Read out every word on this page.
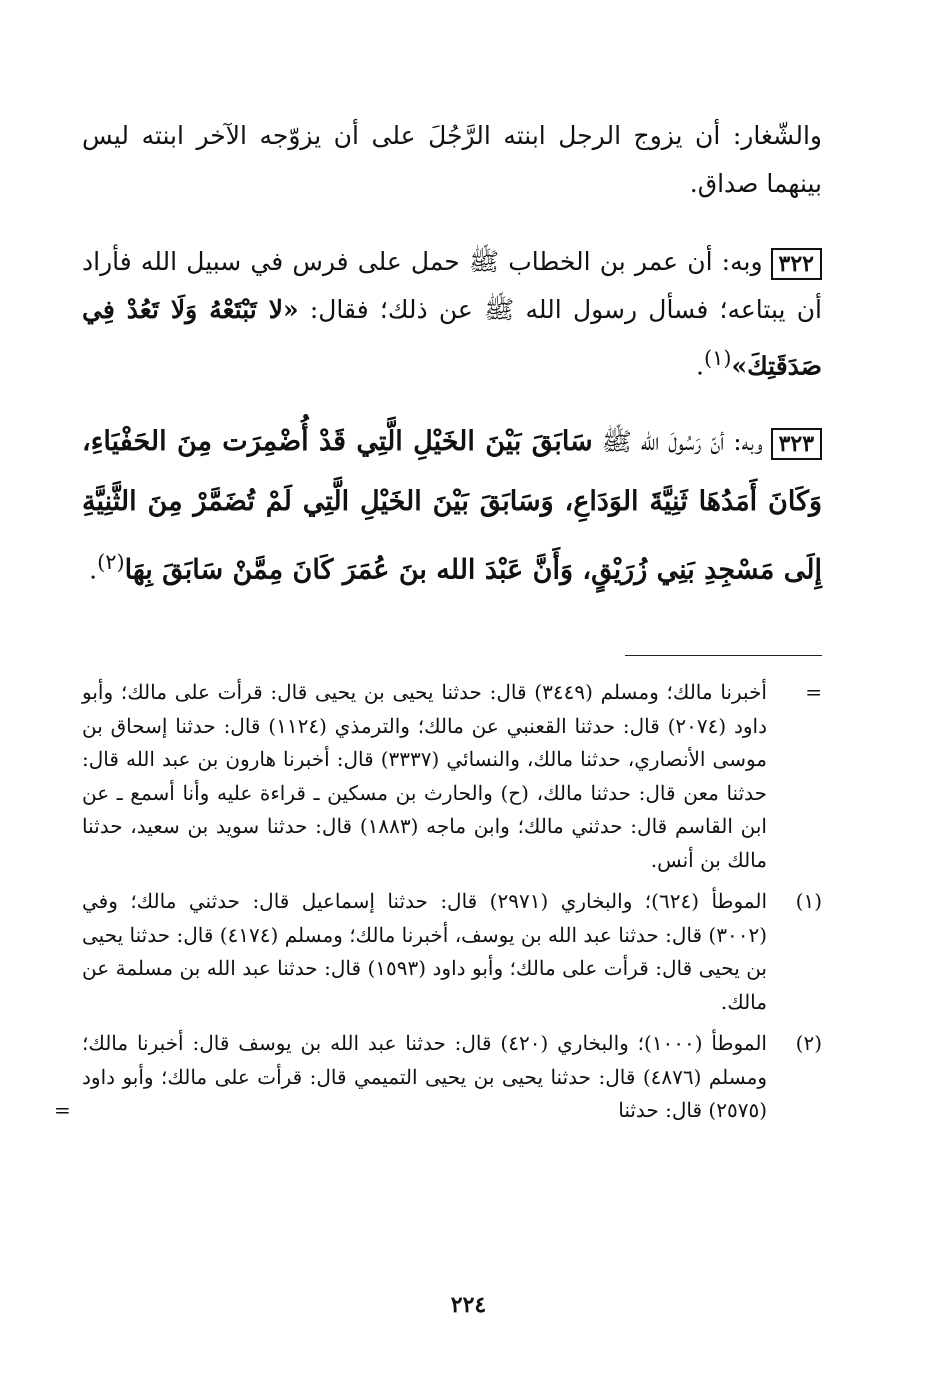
والشّغار: أن يزوج الرجل ابنته الرَّجُلَ على أن يزوّجه الآخر ابنته ليس بينهما صداق.

٣٢٢وبه: أن عمر بن الخطاب ﷺ حمل على فرس في سبيل الله فأراد أن يبتاعه؛ فسأل رسول الله ﷺ عن ذلك؛ فقال: «لا تَبْتَعْهُ وَلَا تَعُدْ فِي صَدَقَتِكَ»$^{(١)}$.

٣٢٣وبه: أنّ رَسُولَ الله ﷺ سَابَقَ بَيْنَ الخَيْلِ الَّتِي قَدْ أُضْمِرَت مِنَ الحَفْيَاءِ، وَكَانَ أَمَدُهَا ثَنِيَّةَ الوَدَاعِ، وَسَابَقَ بَيْنَ الخَيْلِ الَّتِي لَمْ تُضَمَّرْ مِنَ الثَّنِيَّةِ إِلَى مَسْجِدِ بَنِي زُرَيْقٍ، وَأَنَّ عَبْدَ الله بنَ عُمَرَ كَانَ مِمَّنْ سَابَقَ بِهَا$^{(٢)}$.

=
أخبرنا مالك؛ ومسلم (٣٤٤٩) قال: حدثنا يحيى بن يحيى قال: قرأت على مالك؛ وأبو داود (٢٠٧٤) قال: حدثنا القعنبي عن مالك؛ والترمذي (١١٢٤) قال: حدثنا إسحاق بن موسى الأنصاري، حدثنا مالك، والنسائي (٣٣٣٧) قال: أخبرنا هارون بن عبد الله قال: حدثنا معن قال: حدثنا مالك، (ح) والحارث بن مسكين ـ قراءة عليه وأنا أسمع ـ عن ابن القاسم قال: حدثني مالك؛ وابن ماجه (١٨٨٣) قال: حدثنا سويد بن سعيد، حدثنا مالك بن أنس.

(١)
الموطأ (٦٢٤)؛ والبخاري (٢٩٧١) قال: حدثنا إسماعيل قال: حدثني مالك؛ وفي (٣٠٠٢) قال: حدثنا عبد الله بن يوسف، أخبرنا مالك؛ ومسلم (٤١٧٤) قال: حدثنا يحيى بن يحيى قال: قرأت على مالك؛ وأبو داود (١٥٩٣) قال: حدثنا عبد الله بن مسلمة عن مالك.

(٢)
الموطأ (١٠٠٠)؛ والبخاري (٤٢٠) قال: حدثنا عبد الله بن يوسف قال: أخبرنا مالك؛ ومسلم (٤٨٧٦) قال: حدثنا يحيى بن يحيى التميمي قال: قرأت على مالك؛ وأبو داود (٢٥٧٥) قال: حدثنا
=

٢٢٤
